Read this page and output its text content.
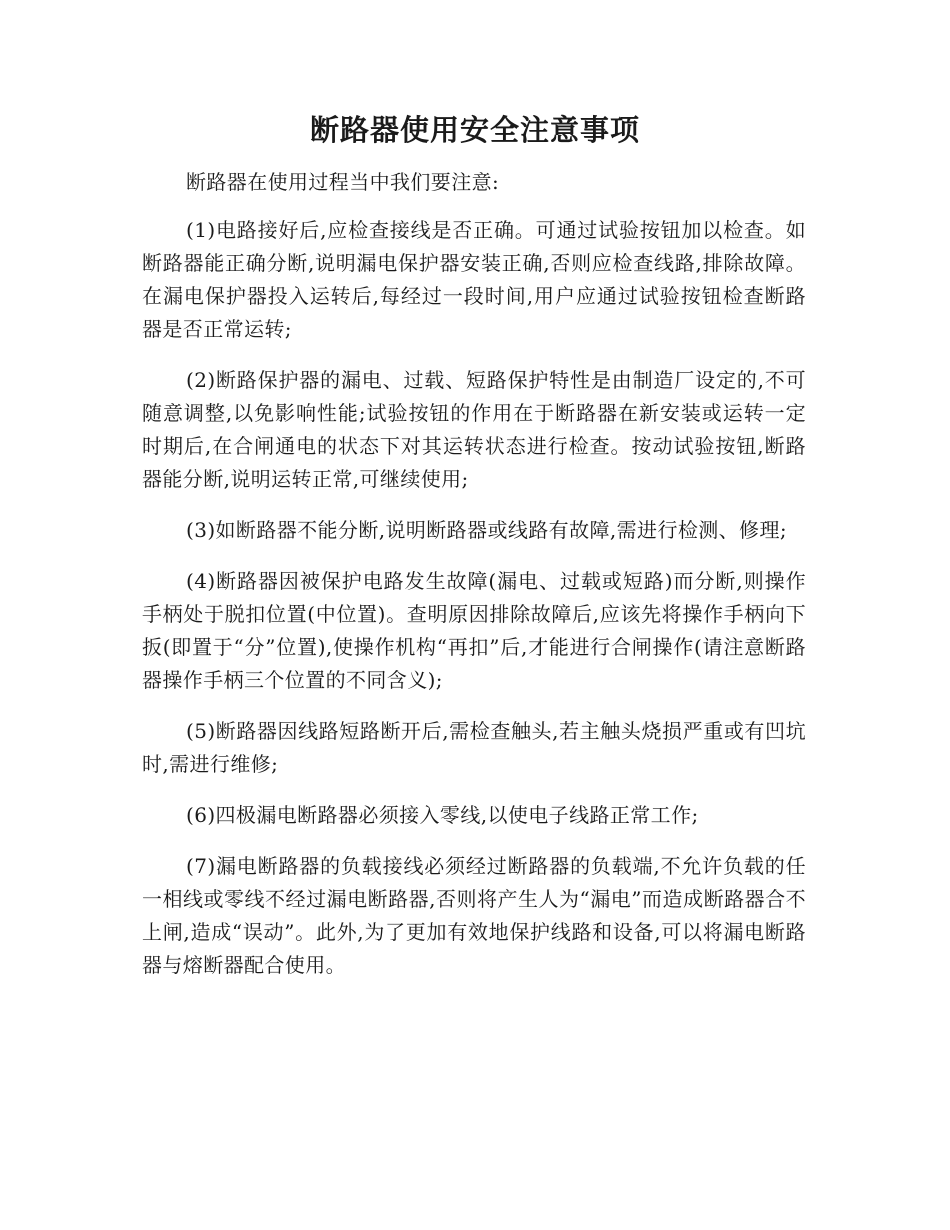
断路器使用安全注意事项

断路器在使用过程当中我们要注意:

(1)电路接好后,应检查接线是否正确。可通过试验按钮加以检查。如断路器能正确分断,说明漏电保护器安装正确,否则应检查线路,排除故障。在漏电保护器投入运转后,每经过一段时间,用户应通过试验按钮检查断路器是否正常运转;

(2)断路保护器的漏电、过载、短路保护特性是由制造厂设定的,不可随意调整,以免影响性能;试验按钮的作用在于断路器在新安装或运转一定时期后,在合闸通电的状态下对其运转状态进行检查。按动试验按钮,断路器能分断,说明运转正常,可继续使用;

(3)如断路器不能分断,说明断路器或线路有故障,需进行检测、修理;

(4)断路器因被保护电路发生故障(漏电、过载或短路)而分断,则操作手柄处于脱扣位置(中位置)。查明原因排除故障后,应该先将操作手柄向下扳(即置于“分”位置),使操作机构“再扣”后,才能进行合闸操作(请注意断路器操作手柄三个位置的不同含义);

(5)断路器因线路短路断开后,需检查触头,若主触头烧损严重或有凹坑时,需进行维修;

(6)四极漏电断路器必须接入零线,以使电子线路正常工作;

(7)漏电断路器的负载接线必须经过断路器的负载端,不允许负载的任一相线或零线不经过漏电断路器,否则将产生人为“漏电”而造成断路器合不上闸,造成“误动”。此外,为了更加有效地保护线路和设备,可以将漏电断路器与熔断器配合使用。
